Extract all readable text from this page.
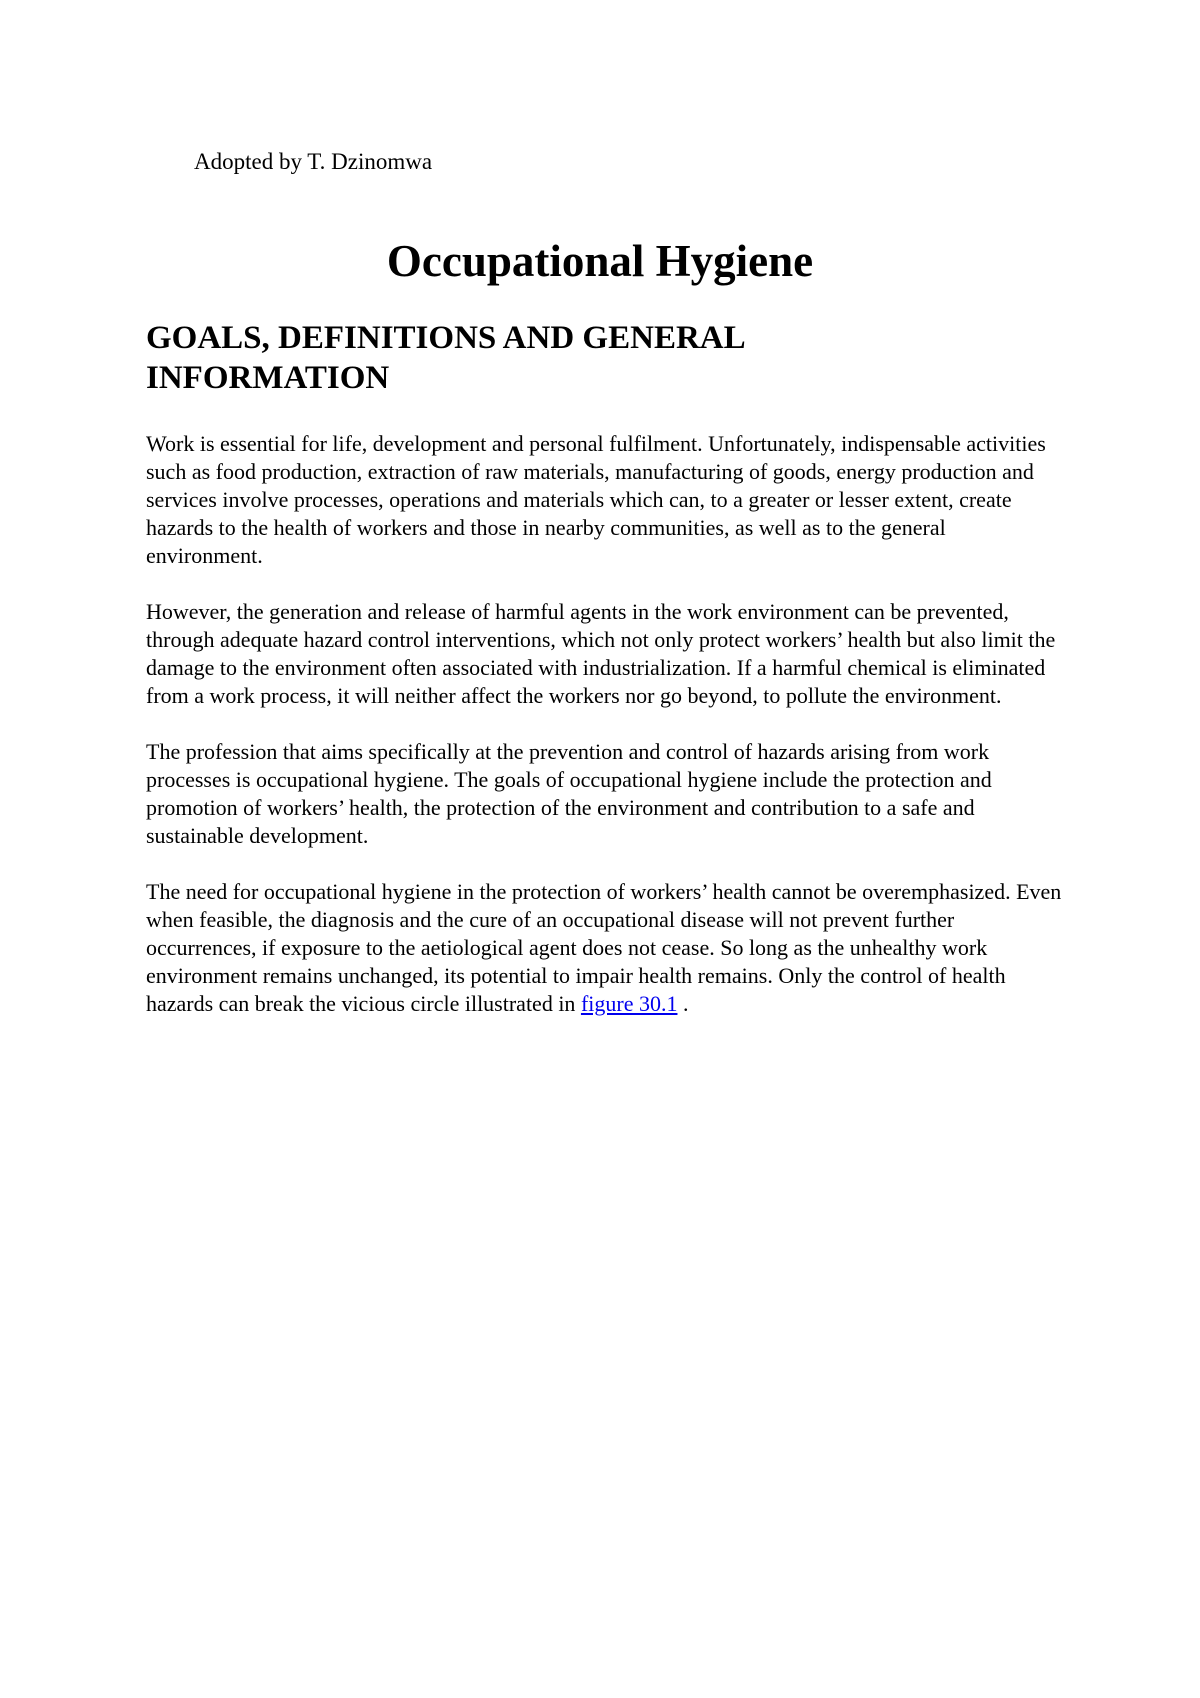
Adopted by T. Dzinomwa
Occupational Hygiene
GOALS, DEFINITIONS AND GENERAL INFORMATION

Work is essential for life, development and personal fulfilment. Unfortunately, indispensable activities such as food production, extraction of raw materials, manufacturing of goods, energy production and services involve processes, operations and materials which can, to a greater or lesser extent, create hazards to the health of workers and those in nearby communities, as well as to the general environment.

However, the generation and release of harmful agents in the work environment can be prevented, through adequate hazard control interventions, which not only protect workers’ health but also limit the damage to the environment often associated with industrialization. If a harmful chemical is eliminated from a work process, it will neither affect the workers nor go beyond, to pollute the environment.

The profession that aims specifically at the prevention and control of hazards arising from work processes is occupational hygiene. The goals of occupational hygiene include the protection and promotion of workers’ health, the protection of the environment and contribution to a safe and sustainable development.

The need for occupational hygiene in the protection of workers’ health cannot be overemphasized. Even when feasible, the diagnosis and the cure of an occupational disease will not prevent further occurrences, if exposure to the aetiological agent does not cease. So long as the unhealthy work environment remains unchanged, its potential to impair health remains. Only the control of health hazards can break the vicious circle illustrated in figure 30.1 .
